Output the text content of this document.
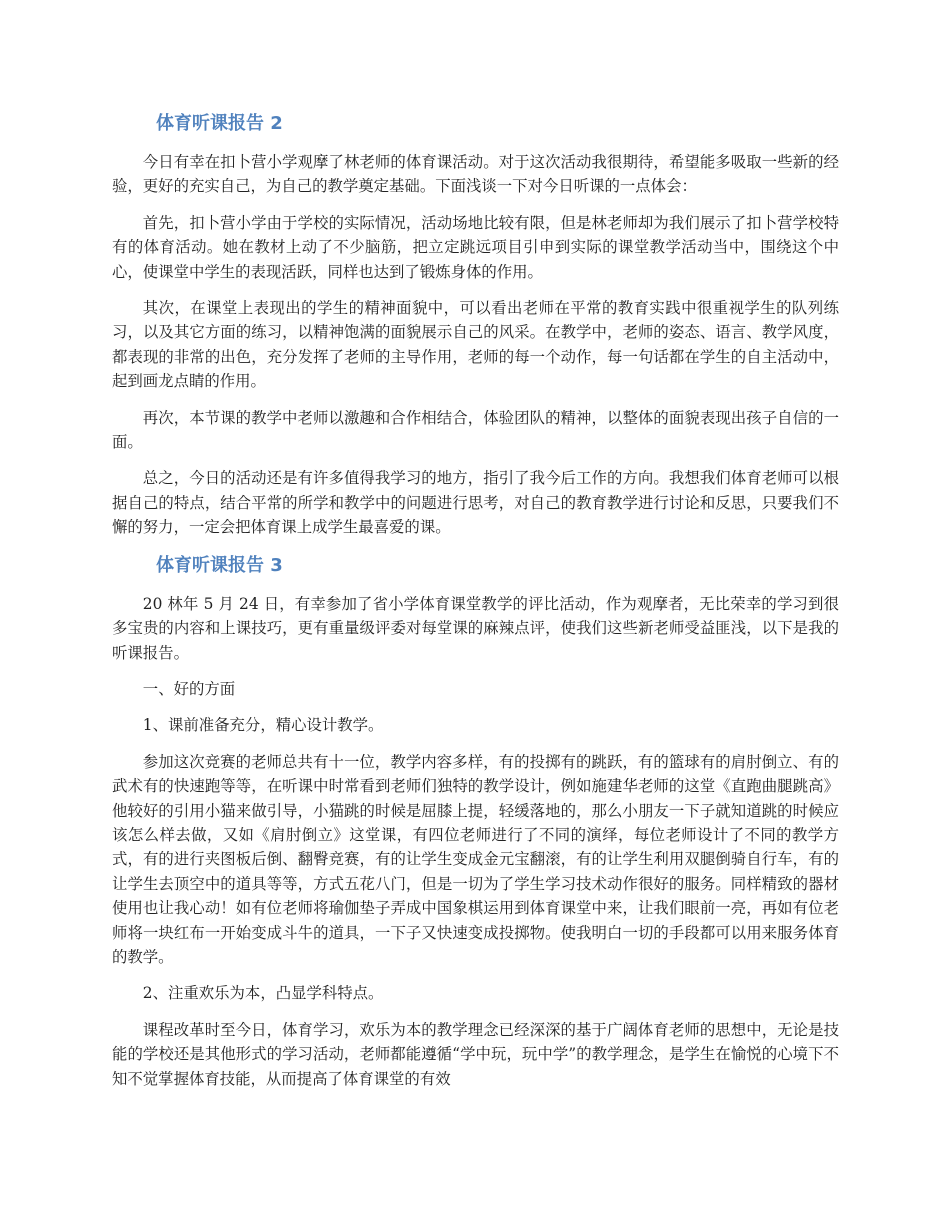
体育听课报告 2

今日有幸在扣卜营小学观摩了林老师的体育课活动。对于这次活动我很期待，希望能多吸取一些新的经验，更好的充实自己，为自己的教学奠定基础。下面浅谈一下对今日听课的一点体会：

首先，扣卜营小学由于学校的实际情况，活动场地比较有限，但是林老师却为我们展示了扣卜营学校特有的体育活动。她在教材上动了不少脑筋，把立定跳远项目引申到实际的课堂教学活动当中，围绕这个中心，使课堂中学生的表现活跃，同样也达到了锻炼身体的作用。

其次，在课堂上表现出的学生的精神面貌中，可以看出老师在平常的教育实践中很重视学生的队列练习，以及其它方面的练习，以精神饱满的面貌展示自己的风采。在教学中，老师的姿态、语言、教学风度，都表现的非常的出色，充分发挥了老师的主导作用，老师的每一个动作，每一句话都在学生的自主活动中，起到画龙点睛的作用。

再次，本节课的教学中老师以激趣和合作相结合，体验团队的精神，以整体的面貌表现出孩子自信的一面。

总之，今日的活动还是有许多值得我学习的地方，指引了我今后工作的方向。我想我们体育老师可以根据自己的特点，结合平常的所学和教学中的问题进行思考，对自己的教育教学进行讨论和反思，只要我们不懈的努力，一定会把体育课上成学生最喜爱的课。

体育听课报告 3

20 林年 5 月 24 日，有幸参加了省小学体育课堂教学的评比活动，作为观摩者，无比荣幸的学习到很多宝贵的内容和上课技巧，更有重量级评委对每堂课的麻辣点评，使我们这些新老师受益匪浅，以下是我的听课报告。

一、好的方面

1、课前准备充分，精心设计教学。

参加这次竞赛的老师总共有十一位，教学内容多样，有的投掷有的跳跃，有的篮球有的肩肘倒立、有的武术有的快速跑等等，在听课中时常看到老师们独特的教学设计，例如施建华老师的这堂《直跑曲腿跳高》他较好的引用小猫来做引导，小猫跳的时候是屈膝上提，轻缓落地的，那么小朋友一下子就知道跳的时候应该怎么样去做，又如《肩肘倒立》这堂课，有四位老师进行了不同的演绎，每位老师设计了不同的教学方式，有的进行夹图板后倒、翻臀竞赛，有的让学生变成金元宝翻滚，有的让学生利用双腿倒骑自行车，有的让学生去顶空中的道具等等，方式五花八门，但是一切为了学生学习技术动作很好的服务。同样精致的器材使用也让我心动！如有位老师将瑜伽垫子弄成中国象棋运用到体育课堂中来，让我们眼前一亮，再如有位老师将一块红布一开始变成斗牛的道具，一下子又快速变成投掷物。使我明白一切的手段都可以用来服务体育的教学。

2、注重欢乐为本，凸显学科特点。

课程改革时至今日，体育学习，欢乐为本的教学理念已经深深的基于广阔体育老师的思想中，无论是技能的学校还是其他形式的学习活动，老师都能遵循“学中玩，玩中学”的教学理念，是学生在愉悦的心境下不知不觉掌握体育技能，从而提高了体育课堂的有效
